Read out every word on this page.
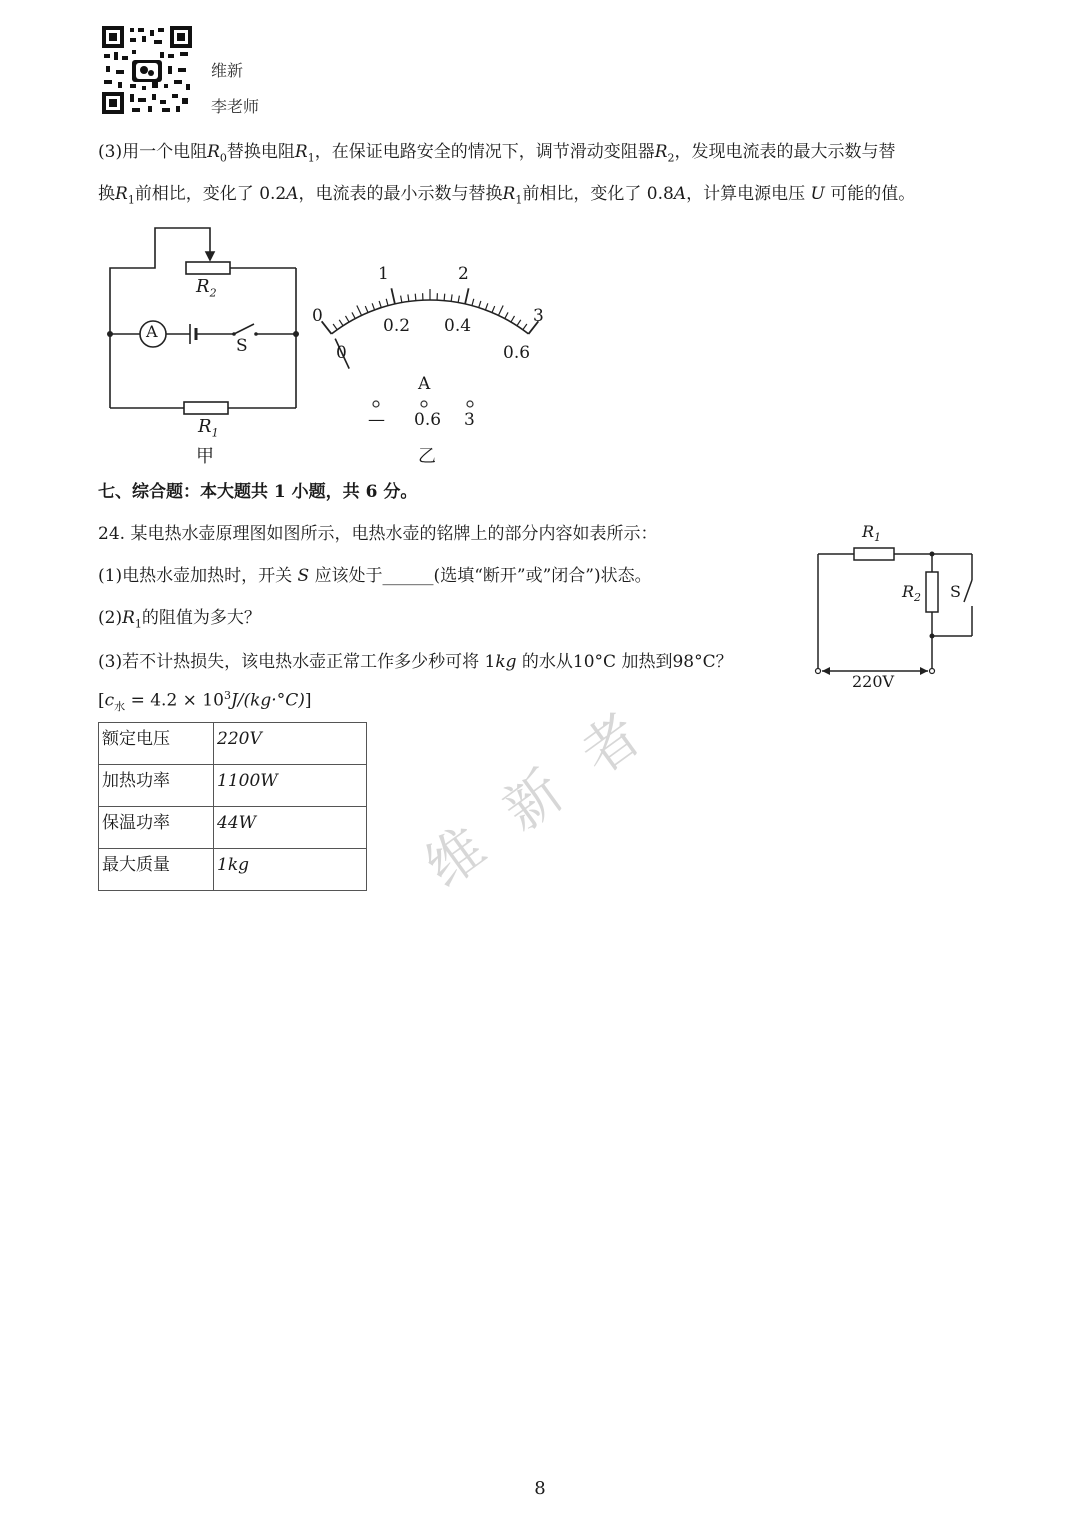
维新
李老师
(3)用一个电阻$R_0$替换电阻$R_1$，在保证电路安全的情况下，调节滑动变阻器$R_2$，发现电流表的最大示数与替
换$R_1$前相比，变化了 0.2A，电流表的最小示数与替换$R_1$前相比，变化了 0.8A，计算电源电压 U 可能的值。
A
S
$R_2$
$R_1$
甲
0
1	2
3
0
0.2 0.4
0.6
A
— 0.6 3
乙
七、综合题：本大题共 1 小题，共 6 分。
24. 某电热水壶原理图如图所示，电热水壶的铭牌上的部分内容如表所示：
(1)电热水壶加热时，开关 S 应该处于______(选填“断开”或”闭合”)状态。
$(2)R_1$的阻值为多大？
(3)若不计热损失，该电热水壶正常工作多少秒可将 1kg 的水从10°C 加热到98°C？
$[c_水 = 4.2 \times 10^3J/(kg\cdot^\circ C)]$
$R_1$
$R_2$ S
220V
额定电压	220V
加热功率	1100W
保温功率	44W
最大质量	1kg	维新者
8
